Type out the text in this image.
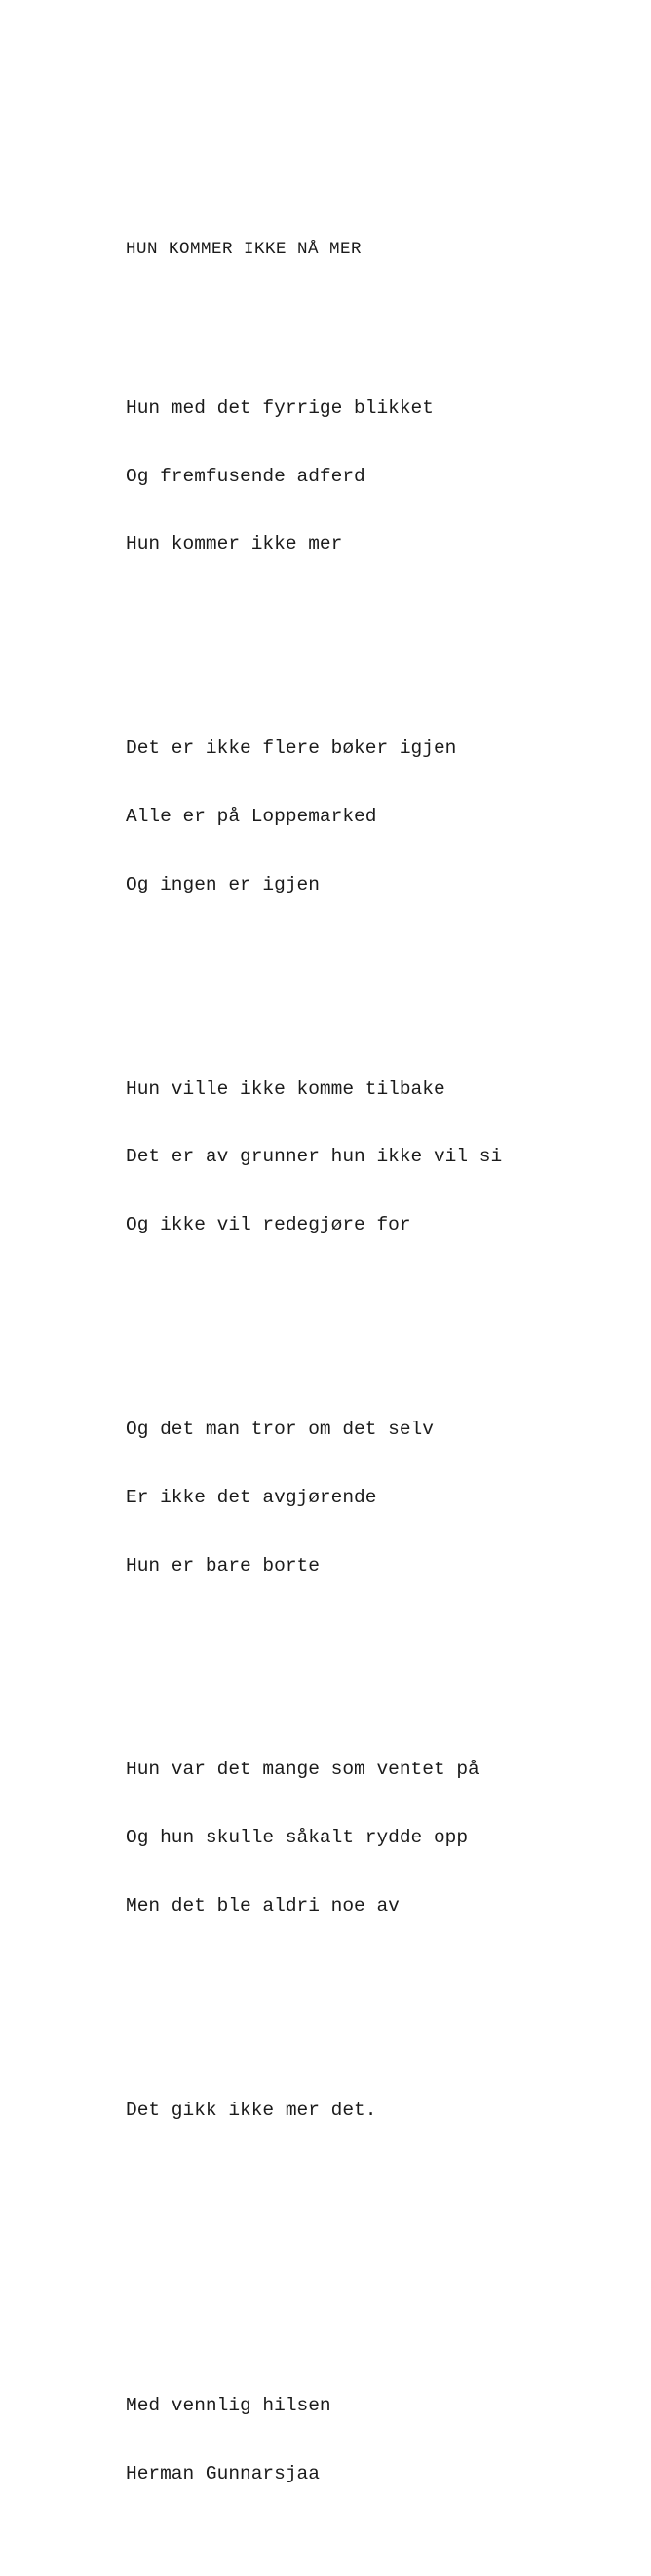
HUN KOMMER IKKE NÅ MER

Hun med det fyrrige blikket

Og fremfusende adferd

Hun kommer ikke mer

Det er ikke flere bøker igjen

Alle er på Loppemarked

Og ingen er igjen

Hun ville ikke komme tilbake

Det er av grunner hun ikke vil si

Og ikke vil redegjøre for

Og det man tror om det selv

Er ikke det avgjørende

Hun er bare borte

Hun var det mange som ventet på

Og hun skulle såkalt rydde opp

Men det ble aldri noe av

Det gikk ikke mer det.

Med vennlig hilsen

Herman Gunnarsjaa
